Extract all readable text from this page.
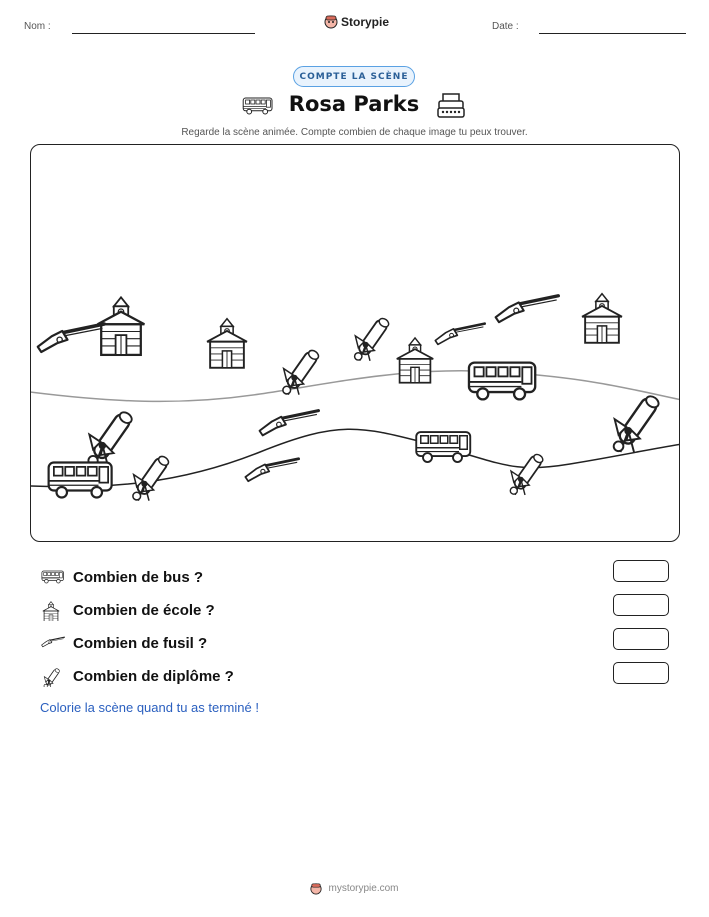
Nom :	Storypie	Date :
COMPTE LA SCÈNE
Rosa Parks
Regarde la scène animée. Compte combien de chaque image tu peux trouver.
Combien de bus ?
Combien de école ?
Combien de fusil ?
Combien de diplôme ?
Colorie la scène quand tu as terminé !
mystorypie.com
